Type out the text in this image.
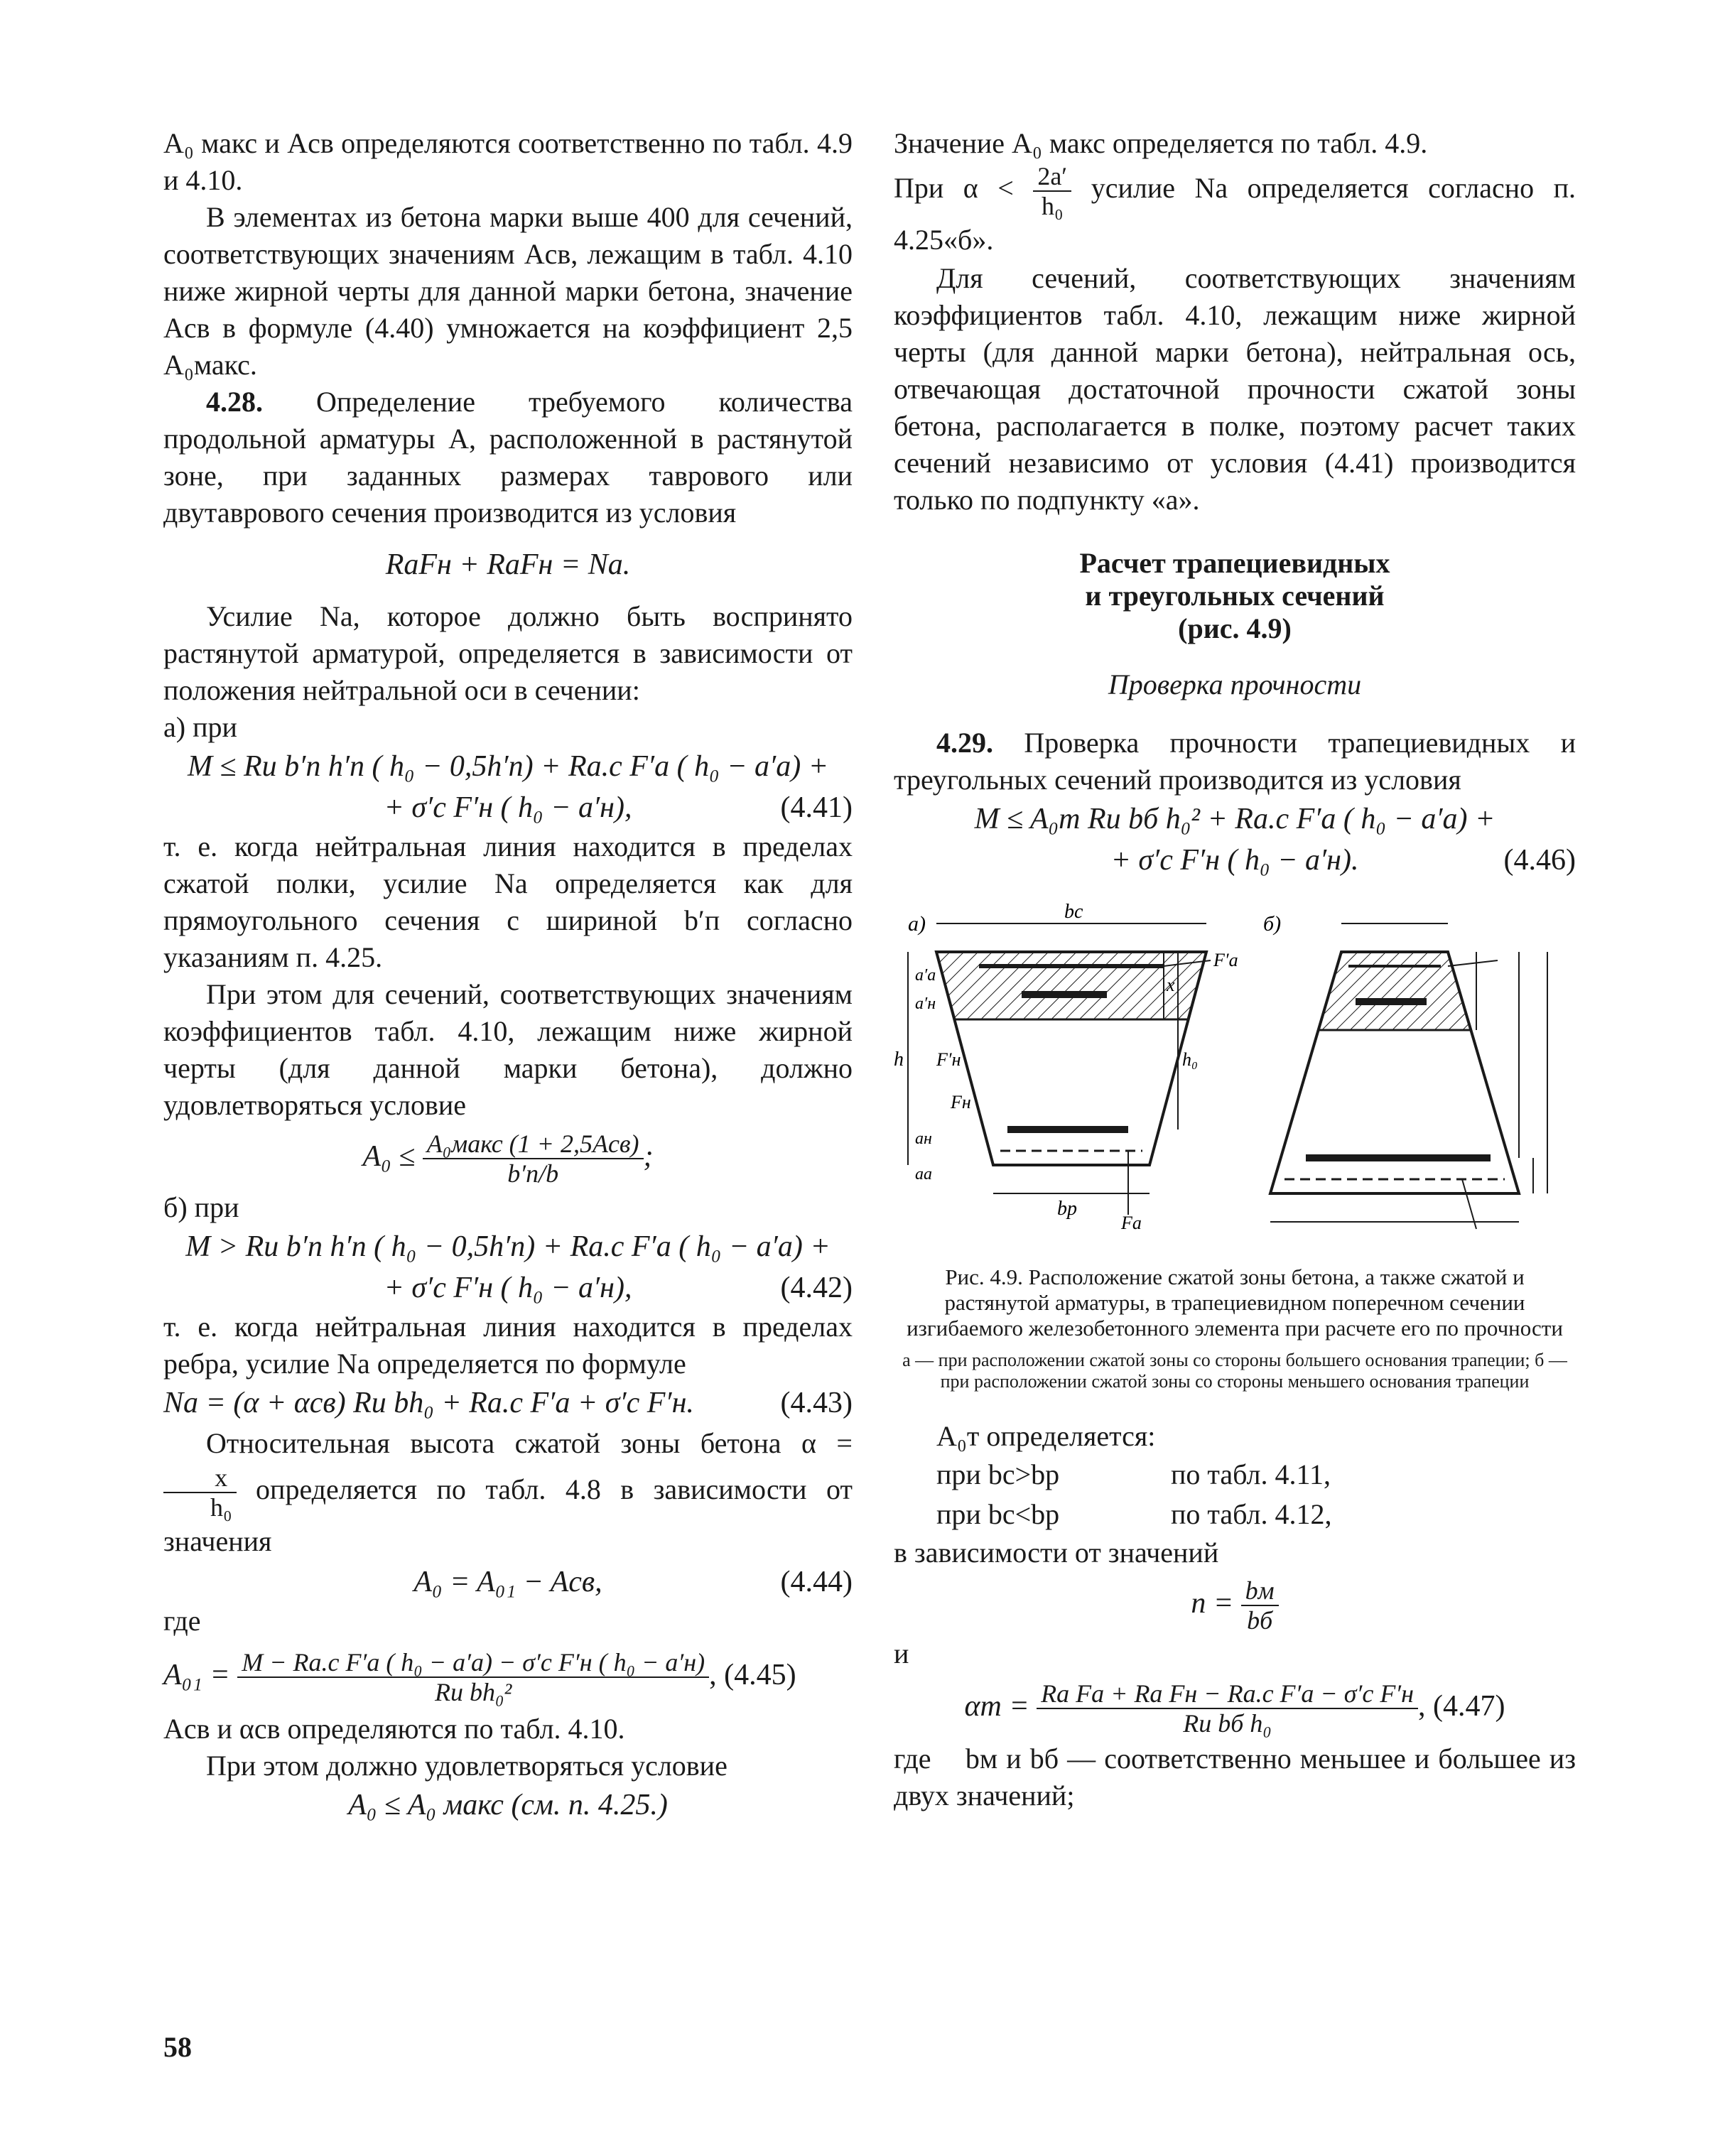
A₀ макс и Aсв определяются соответственно по табл. 4.9 и 4.10.

В элементах из бетона марки выше 400 для сечений, соответствующих значениям Aсв, лежащим в табл. 4.10 ниже жирной черты для данной марки бетона, значение Aсв в формуле (4.40) умножается на коэффициент 2,5 A₀макс.

4.28. Определение требуемого количества продольной арматуры A, расположенной в растянутой зоне, при заданных размерах таврового или двутаврового сечения производится из условия

RаFн + RаFн = Nа.

Усилие Nа, которое должно быть воспринято растянутой арматурой, определяется в зависимости от положения нейтральной оси в сечении:

а) при

M ≤ Rи b′п h′п ( h₀ − 0,5h′п) + Rа.с F′а ( h₀ − a′а) +
+ σ′с F′н ( h₀ − a′н),	(4.41)

т. е. когда нейтральная линия находится в пределах сжатой полки, усилие Nа определяется как для прямоугольного сечения с шириной b′п согласно указаниям п. 4.25.

При этом для сечений, соответствующих значениям коэффициентов табл. 4.10, лежащим ниже жирной черты (для данной марки бетона), должно удовлетворяться условие

$A_0 \le \frac{\text{A₀макс (1 + 2,5Aсв)}}{b'п/b}$ ;

б) при

M > Rи b′п h′п ( h₀ − 0,5h′п) + Rа.с F′а ( h₀ − a′а) +
+ σ′с F′н ( h₀ − a′н),	(4.42)

т. е. когда нейтральная линия находится в пределах ребра, усилие Nа определяется по формуле

Nа = (α + αсв) Rи bh₀ + Rа.с F′а + σ′с F′н.	(4.43)

Относительная высота сжатой зоны бетона α =
$\frac{x}{\text{h₀}}$ определяется по табл. 4.8 в зависимости от значения

A₀ = A₀₁ − Aсв,	(4.44)

где

$A_{01} = \frac{\text{M − Rа.с F′а ( h₀ − a′а) − σ′с F′н ( h₀ − a′н)}}{\text{Rи bh₀²}}$ , (4.45)

Aсв и αсв определяются по табл. 4.10.

При этом должно удовлетворяться условие

A₀ ≤ A₀ макс (см. п. 4.25.)
58

Значение A₀ макс определяется по табл. 4.9.

При $\alpha < \frac{2a'}{\text{h₀}}$ усилие Nа определяется согласно п. 4.25«б».

Для сечений, соответствующих значениям коэффициентов табл. 4.10, лежащим ниже жирной черты (для данной марки бетона), нейтральная ось, отвечающая достаточной прочности сжатой зоны бетона, располагается в полке, поэтому расчет таких сечений независимо от условия (4.41) производится только по подпункту «а».

Расчет трапециевидных
и треугольных сечений
(рис. 4.9)
Проверка прочности

4.29. Проверка прочности трапециевидных и треугольных сечений производится из условия

M ≤ A₀т Rи bб h₀² + Rа.с F′а ( h₀ − a′а) +
+ σ′с F′н ( h₀ − a′н).	(4.46)
а)
bс
bр
h	h₀
x
a′а
a′н
aн
aа
F′н
Fн
F′а
Fа
б)
Рис. 4.9. Расположение сжатой зоны бетона, а также сжатой и растянутой арматуры, в трапециевидном поперечном сечении изгибаемого железобетонного элемента при расчете его по прочности
а — при расположении сжатой зоны со стороны большего основания трапеции; б — при расположении сжатой зоны со стороны меньшего основания трапеции

A₀т определяется:

при bс>bр	по табл. 4.11,
при bс<bр	по табл. 4.12,

в зависимости от значений

$n = \frac{bм}{bб}$

и

$\alpha т = \frac{\text{Rа Fа + Rа Fн − Rа.с F′а − σ′с F′н}}{\text{Rи bб h₀}}$ , (4.47)

где bм и bб — соответственно меньшее и большее из двух значений;
